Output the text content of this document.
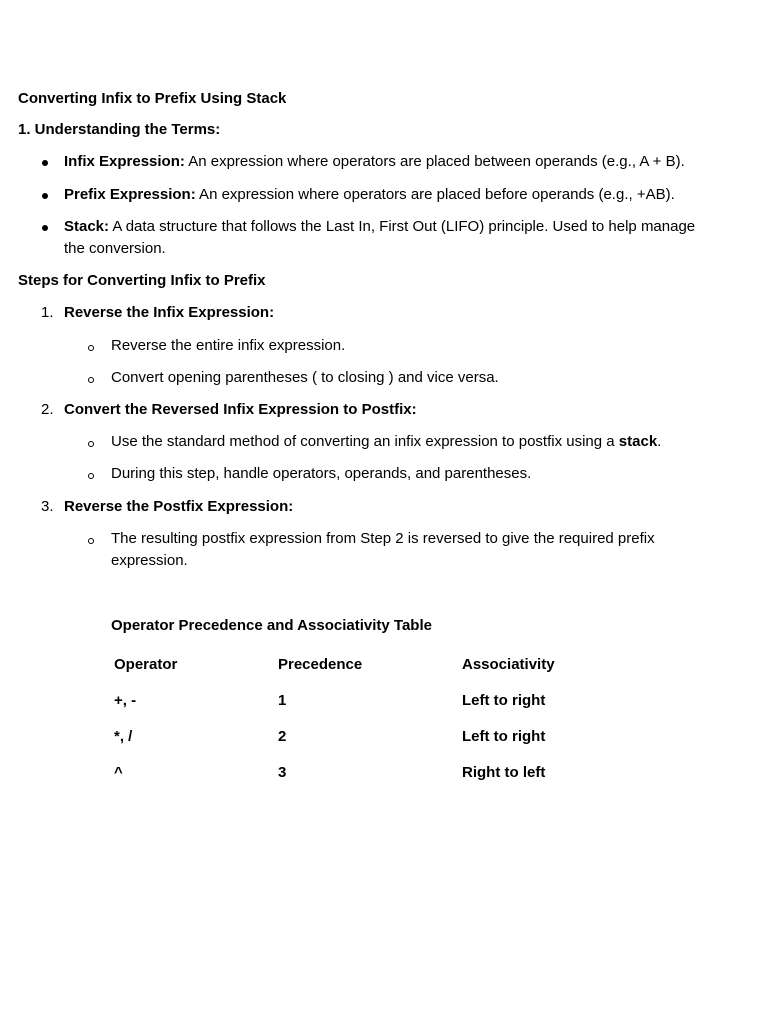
Converting Infix to Prefix Using Stack
1. Understanding the Terms:
Infix Expression: An expression where operators are placed between operands (e.g., A + B).
Prefix Expression: An expression where operators are placed before operands (e.g., +AB).
Stack: A data structure that follows the Last In, First Out (LIFO) principle. Used to help manage the conversion.
Steps for Converting Infix to Prefix
1. Reverse the Infix Expression:
Reverse the entire infix expression.
Convert opening parentheses ( to closing ) and vice versa.
2. Convert the Reversed Infix Expression to Postfix:
Use the standard method of converting an infix expression to postfix using a stack.
During this step, handle operators, operands, and parentheses.
3. Reverse the Postfix Expression:
The resulting postfix expression from Step 2 is reversed to give the required prefix expression.
Operator Precedence and Associativity Table
Operator	Precedence	Associativity
+, -	1	Left to right
*, /	2	Left to right
^	3	Right to left
